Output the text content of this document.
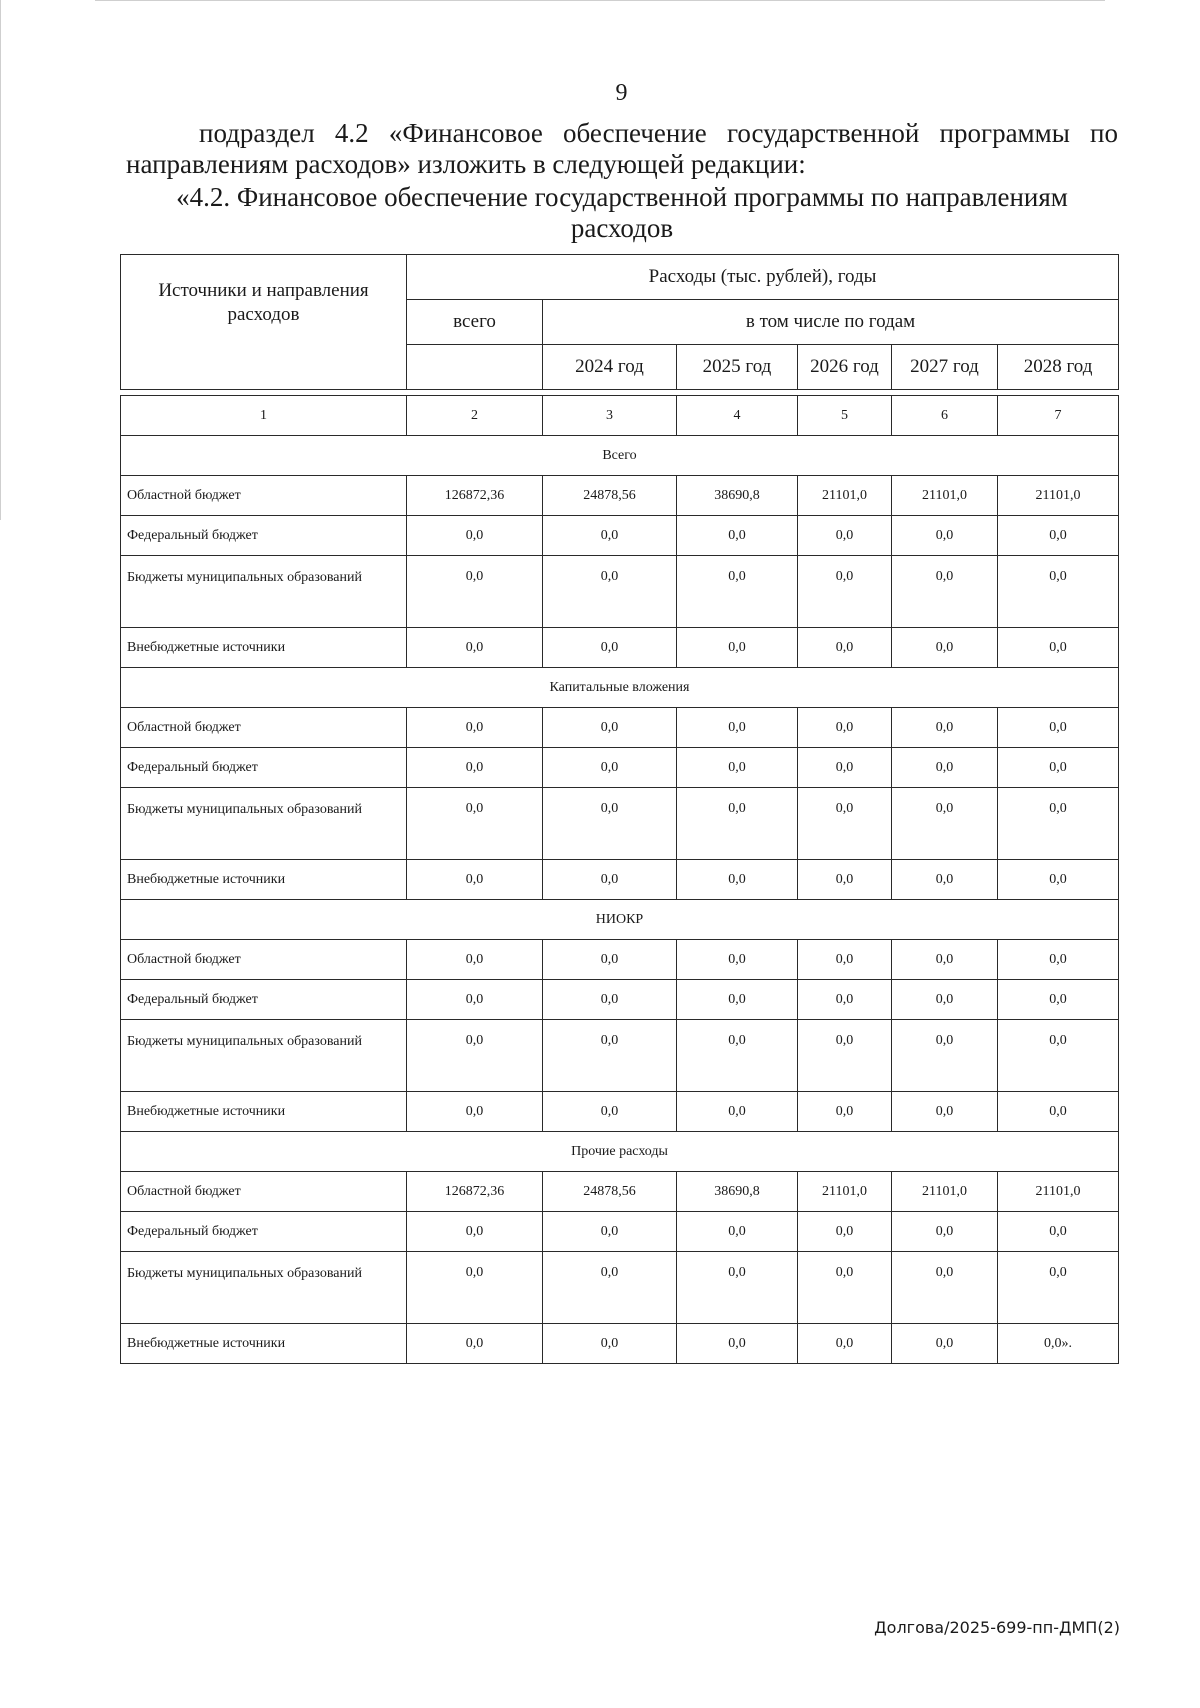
9
подраздел 4.2 «Финансовое обеспечение государственной программы по направлениям расходов» изложить в следующей редакции:
«4.2. Финансовое обеспечение государственной программы по направлениям расходов
Источники и направления расходов	Расходы (тыс. рублей), годы					
	всего	в том числе по годам				
		2024 год	2025 год	2026 год	2027 год	2028 год
1	2	3	4	5	6	7
Всего						
Областной бюджет	126872,36	24878,56	38690,8	21101,0	21101,0	21101,0
Федеральный бюджет	0,0	0,0	0,0	0,0	0,0	0,0
Бюджеты муниципальных образований	0,0	0,0	0,0	0,0	0,0	0,0
Внебюджетные источники	0,0	0,0	0,0	0,0	0,0	0,0
Капитальные вложения						
Областной бюджет	0,0	0,0	0,0	0,0	0,0	0,0
Федеральный бюджет	0,0	0,0	0,0	0,0	0,0	0,0
Бюджеты муниципальных образований	0,0	0,0	0,0	0,0	0,0	0,0
Внебюджетные источники	0,0	0,0	0,0	0,0	0,0	0,0
НИОКР						
Областной бюджет	0,0	0,0	0,0	0,0	0,0	0,0
Федеральный бюджет	0,0	0,0	0,0	0,0	0,0	0,0
Бюджеты муниципальных образований	0,0	0,0	0,0	0,0	0,0	0,0
Внебюджетные источники	0,0	0,0	0,0	0,0	0,0	0,0
Прочие расходы						
Областной бюджет	126872,36	24878,56	38690,8	21101,0	21101,0	21101,0
Федеральный бюджет	0,0	0,0	0,0	0,0	0,0	0,0
Бюджеты муниципальных образований	0,0	0,0	0,0	0,0	0,0	0,0
Внебюджетные источники	0,0	0,0	0,0	0,0	0,0	0,0».
Долгова/2025-699-пп-ДМП(2)
